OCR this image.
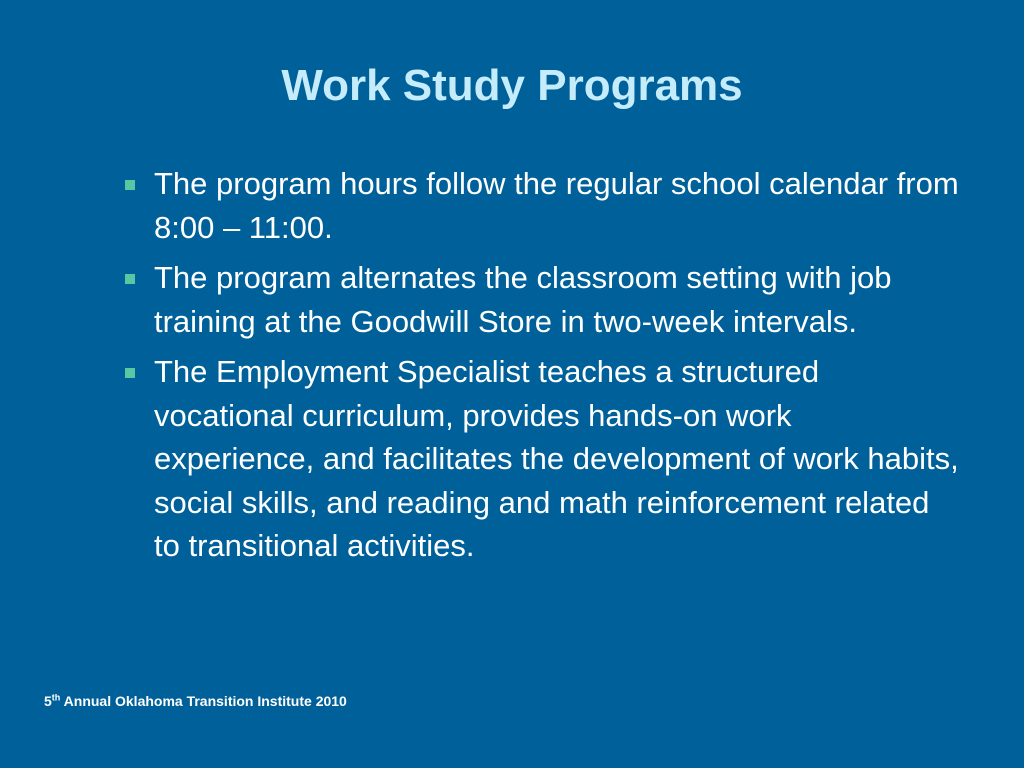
Work Study Programs
The program hours follow the regular school calendar from 8:00 – 11:00.
The program alternates the classroom setting with job training at the Goodwill Store in two-week intervals.
The Employment Specialist teaches a structured vocational curriculum, provides hands-on work experience, and facilitates the development of work habits, social skills, and reading and math reinforcement related to transitional activities.
5th Annual Oklahoma Transition Institute 2010
